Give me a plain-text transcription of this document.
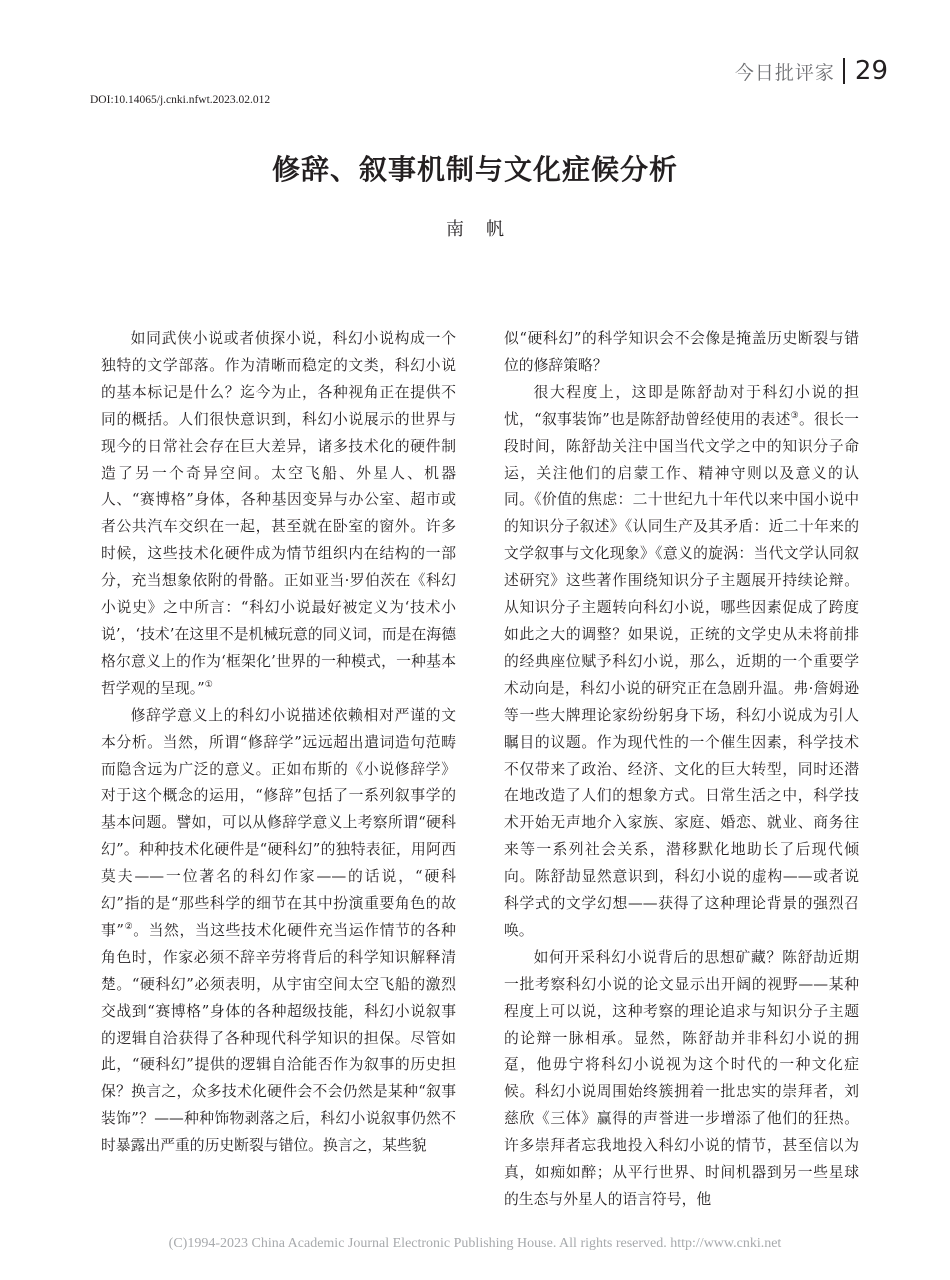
今日批评家 29
DOI:10.14065/j.cnki.nfwt.2023.02.012
修辞、叙事机制与文化症候分析
南帆

如同武侠小说或者侦探小说，科幻小说构成一个独特的文学部落。作为清晰而稳定的文类，科幻小说的基本标记是什么？迄今为止，各种视角正在提供不同的概括。人们很快意识到，科幻小说展示的世界与现今的日常社会存在巨大差异，诸多技术化的硬件制造了另一个奇异空间。太空飞船、外星人、机器人、“赛博格”身体，各种基因变异与办公室、超市或者公共汽车交织在一起，甚至就在卧室的窗外。许多时候，这些技术化硬件成为情节组织内在结构的一部分，充当想象依附的骨骼。正如亚当·罗伯茨在《科幻小说史》之中所言：“科幻小说最好被定义为‘技术小说’，‘技术’在这里不是机械玩意的同义词，而是在海德格尔意义上的作为‘框架化’世界的一种模式，一种基本哲学观的呈现。”①

修辞学意义上的科幻小说描述依赖相对严谨的文本分析。当然，所谓“修辞学”远远超出遣词造句范畴而隐含远为广泛的意义。正如布斯的《小说修辞学》对于这个概念的运用，“修辞”包括了一系列叙事学的基本问题。譬如，可以从修辞学意义上考察所谓“硬科幻”。种种技术化硬件是“硬科幻”的独特表征，用阿西莫夫——一位著名的科幻作家——的话说，“硬科幻”指的是“那些科学的细节在其中扮演重要角色的故事”②。当然，当这些技术化硬件充当运作情节的各种角色时，作家必须不辞辛劳将背后的科学知识解释清楚。“硬科幻”必须表明，从宇宙空间太空飞船的激烈交战到“赛博格”身体的各种超级技能，科幻小说叙事的逻辑自洽获得了各种现代科学知识的担保。尽管如此，“硬科幻”提供的逻辑自洽能否作为叙事的历史担保？换言之，众多技术化硬件会不会仍然是某种“叙事装饰”？——种种饰物剥落之后，科幻小说叙事仍然不时暴露出严重的历史断裂与错位。换言之，某些貌

似“硬科幻”的科学知识会不会像是掩盖历史断裂与错位的修辞策略？

很大程度上，这即是陈舒劼对于科幻小说的担忧，“叙事装饰”也是陈舒劼曾经使用的表述③。很长一段时间，陈舒劼关注中国当代文学之中的知识分子命运，关注他们的启蒙工作、精神守则以及意义的认同。《价值的焦虑：二十世纪九十年代以来中国小说中的知识分子叙述》《认同生产及其矛盾：近二十年来的文学叙事与文化现象》《意义的旋涡：当代文学认同叙述研究》这些著作围绕知识分子主题展开持续论辩。从知识分子主题转向科幻小说，哪些因素促成了跨度如此之大的调整？如果说，正统的文学史从未将前排的经典座位赋予科幻小说，那么，近期的一个重要学术动向是，科幻小说的研究正在急剧升温。弗·詹姆逊等一些大牌理论家纷纷躬身下场，科幻小说成为引人瞩目的议题。作为现代性的一个催生因素，科学技术不仅带来了政治、经济、文化的巨大转型，同时还潜在地改造了人们的想象方式。日常生活之中，科学技术开始无声地介入家族、家庭、婚恋、就业、商务往来等一系列社会关系，潜移默化地助长了后现代倾向。陈舒劼显然意识到，科幻小说的虚构——或者说科学式的文学幻想——获得了这种理论背景的强烈召唤。

如何开采科幻小说背后的思想矿藏？陈舒劼近期一批考察科幻小说的论文显示出开阔的视野——某种程度上可以说，这种考察的理论追求与知识分子主题的论辩一脉相承。显然，陈舒劼并非科幻小说的拥趸，他毋宁将科幻小说视为这个时代的一种文化症候。科幻小说周围始终簇拥着一批忠实的崇拜者，刘慈欣《三体》赢得的声誉进一步增添了他们的狂热。许多崇拜者忘我地投入科幻小说的情节，甚至信以为真，如痴如醉；从平行世界、时间机器到另一些星球的生态与外星人的语言符号，他

(C)1994-2023 China Academic Journal Electronic Publishing House. All rights reserved. http://www.cnki.net
